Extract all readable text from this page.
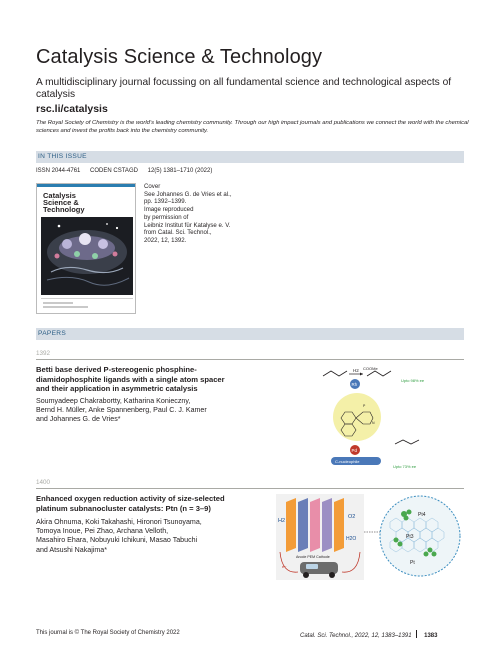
Catalysis Science & Technology
A multidisciplinary journal focussing on all fundamental science and technological aspects of catalysis
rsc.li/catalysis
The Royal Society of Chemistry is the world’s leading chemistry community. Through our high impact journals and publications we connect the world with the chemical sciences and invest the profits back into the chemistry community.
IN THIS ISSUE
ISSN 2044-4761 CODEN CSTAGD 12(5) 1381–1710 (2022)
Catalysis
Science &
Technology
Cover
See Johannes G. de Vries et al.,
pp. 1392–1399.
Image reproduced
by permission of
Leibniz Institut für Katalyse e. V.
from Catal. Sci. Technol.,
2022, 12, 1392.
PAPERS
1392
Betti base derived P-stereogenic phosphine-
diamidophosphite ligands with a single atom spacer
and their application in asymmetric catalysis
Soumyadeep Chakrabortty, Katharina Konieczny,
Bernd H. Müller, Anke Spannenberg, Paul C. J. Kamer
and Johannes G. de Vries*
COOMe
H2
Upto 98% ee
Rh
P
N
Pd
C-nucleophile
Upto 73% ee
1400
Enhanced oxygen reduction activity of size-selected
platinum subnanocluster catalysts: Ptn (n = 3–9)
Akira Ohnuma, Koki Takahashi, Hironori Tsunoyama,
Tomoya Inoue, Pei Zhao, Archana Velloth,
Masahiro Ehara, Nobuyuki Ichikuni, Masao Tabuchi
and Atsushi Nakajima*
H2
O2
H2O
Anode PEM Cathode
e−
Pt4
Pt3
Pt
This journal is © The Royal Society of Chemistry 2022	Catal. Sci. Technol., 2022, 12, 1383–1391 1383
